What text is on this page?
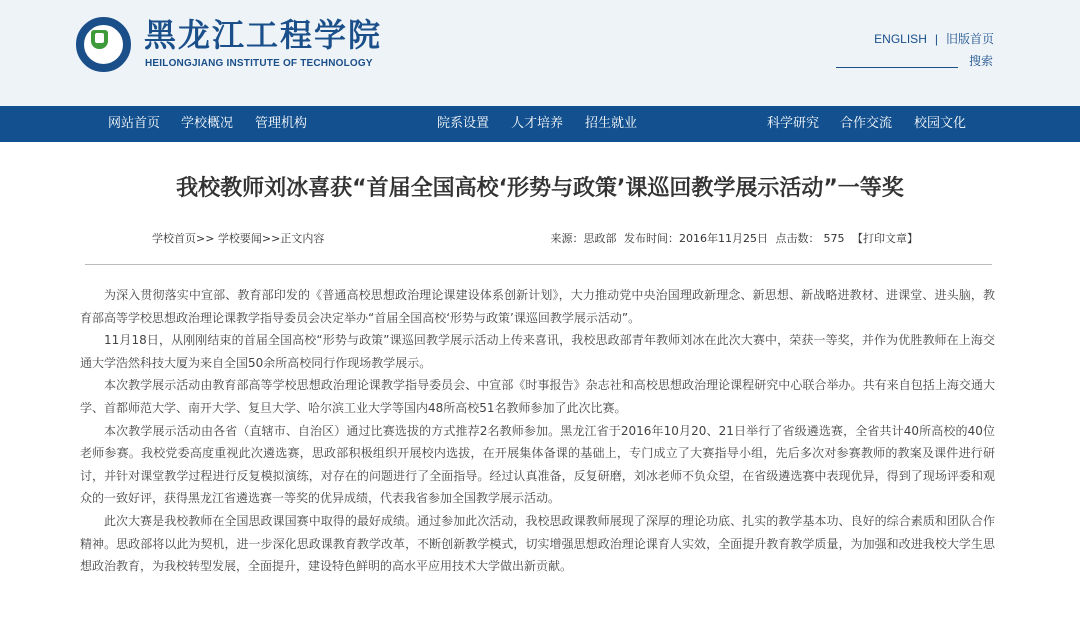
黑龙江工程学院
HEILONGJIANG INSTITUTE OF TECHNOLOGY
ENGLISH | 旧版首页
搜索
网站首页 学校概况 管理机构	院系设置 人才培养 招生就业	科学研究 合作交流 校园文化
我校教师刘冰喜获“首届全国高校‘形势与政策’课巡回教学展示活动”一等奖
学校首页>> 学校要闻>>正文内容	来源：思政部 发布时间：2016年11月25日 点击数： 575 【打印文章】

为深入贯彻落实中宣部、教育部印发的《普通高校思想政治理论课建设体系创新计划》，大力推动党中央治国理政新理念、新思想、新战略进教材、进课堂、进头脑，教育部高等学校思想政治理论课教学指导委员会决定举办“首届全国高校‘形势与政策’课巡回教学展示活动”。

11月18日，从刚刚结束的首届全国高校“形势与政策”课巡回教学展示活动上传来喜讯，我校思政部青年教师刘冰在此次大赛中，荣获一等奖，并作为优胜教师在上海交通大学浩然科技大厦为来自全国50余所高校同行作现场教学展示。

本次教学展示活动由教育部高等学校思想政治理论课教学指导委员会、中宣部《时事报告》杂志社和高校思想政治理论课程研究中心联合举办。共有来自包括上海交通大学、首都师范大学、南开大学、复旦大学、哈尔滨工业大学等国内48所高校51名教师参加了此次比赛。

本次教学展示活动由各省（直辖市、自治区）通过比赛选拔的方式推荐2名教师参加。黑龙江省于2016年10月20、21日举行了省级遴选赛，全省共计40所高校的40位老师参赛。我校党委高度重视此次遴选赛，思政部积极组织开展校内选拔，在开展集体备课的基础上，专门成立了大赛指导小组，先后多次对参赛教师的教案及课件进行研讨，并针对课堂教学过程进行反复模拟演练，对存在的问题进行了全面指导。经过认真准备，反复研磨，刘冰老师不负众望，在省级遴选赛中表现优异，得到了现场评委和观众的一致好评，获得黑龙江省遴选赛一等奖的优异成绩，代表我省参加全国教学展示活动。

此次大赛是我校教师在全国思政课国赛中取得的最好成绩。通过参加此次活动，我校思政课教师展现了深厚的理论功底、扎实的教学基本功、良好的综合素质和团队合作精神。思政部将以此为契机，进一步深化思政课教育教学改革，不断创新教学模式，切实增强思想政治理论课育人实效，全面提升教育教学质量，为加强和改进我校大学生思想政治教育，为我校转型发展，全面提升，建设特色鲜明的高水平应用技术大学做出新贡献。
